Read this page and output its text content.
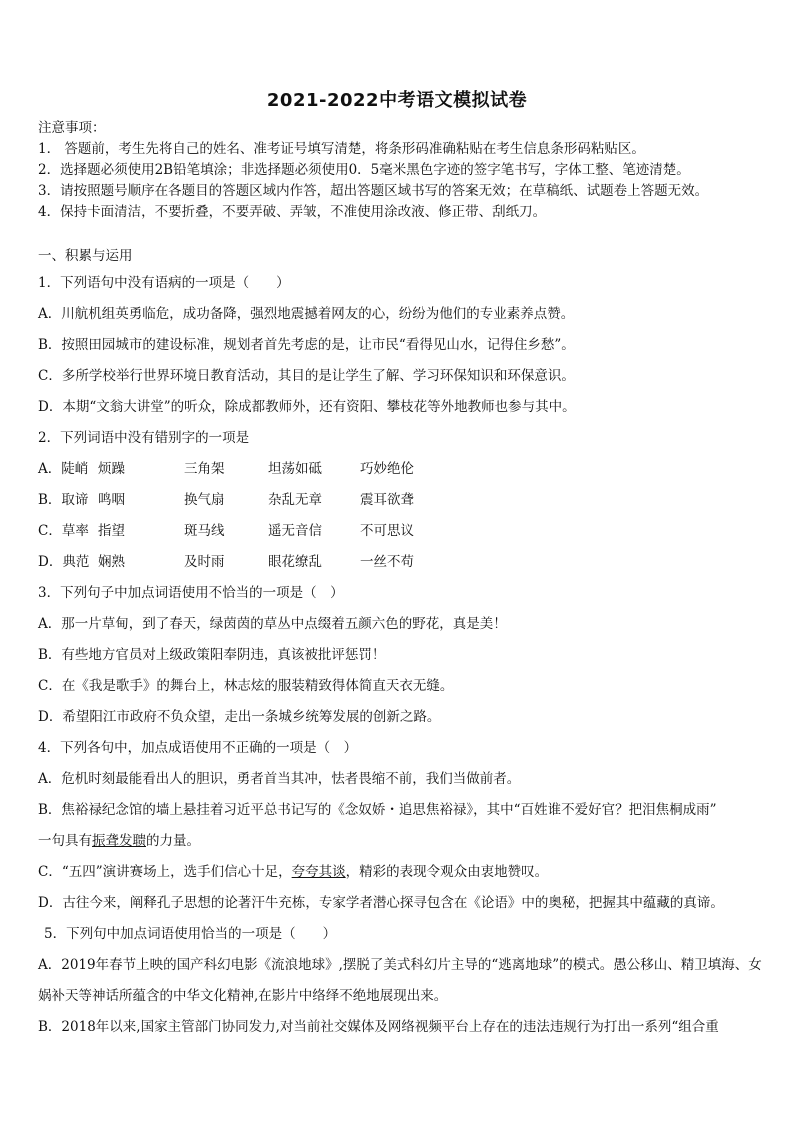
2021-2022中考语文模拟试卷
注意事项：
1． 答题前，考生先将自己的姓名、准考证号填写清楚，将条形码准确粘贴在考生信息条形码粘贴区。
2．选择题必须使用2B铅笔填涂；非选择题必须使用0．5毫米黑色字迹的签字笔书写，字体工整、笔迹清楚。
3．请按照题号顺序在各题目的答题区域内作答，超出答题区域书写的答案无效；在草稿纸、试题卷上答题无效。
4．保持卡面清洁，不要折叠，不要弄破、弄皱，不准使用涂改液、修正带、刮纸刀。
一、积累与运用
1．下列语句中没有语病的一项是（　　）
A．川航机组英勇临危，成功备降，强烈地震撼着网友的心，纷纷为他们的专业素养点赞。
B．按照田园城市的建设标准，规划者首先考虑的是，让市民“看得见山水，记得住乡愁”。
C．多所学校举行世界环境日教育活动，其目的是让学生了解、学习环保知识和环保意识。
D．本期“文翁大讲堂”的听众，除成都教师外，还有资阳、攀枝花等外地教师也参与其中。
2．下列词语中没有错别字的一项是
A．陡峭 烦躁	三角架	坦荡如砥	巧妙绝伦
B．取谛 鸣咽	换气扇	杂乱无章	震耳欲聋
C．草率 指望	斑马线	遥无音信	不可思议
D．典范 娴熟	及时雨	眼花缭乱	一丝不苟
3．下列句子中加点词语使用不恰当的一项是（　）
A．那一片草甸，到了春天，绿茵茵的草丛中点缀着五颜六色的野花，真是美！
B．有些地方官员对上级政策阳奉阴违，真该被批评惩罚！
C．在《我是歌手》的舞台上，林志炫的服装精致得体简直天衣无缝。
D．希望阳江市政府不负众望，走出一条城乡统筹发展的创新之路。
4．下列各句中，加点成语使用不正确的一项是（　）
A．危机时刻最能看出人的胆识，勇者首当其冲，怯者畏缩不前，我们当做前者。
B．焦裕禄纪念馆的墙上悬挂着习近平总书记写的《念奴娇・追思焦裕禄》，其中“百姓谁不爱好官？把泪焦桐成雨”
一句具有振聋发聩的力量。
C．“五四”演讲赛场上，选手们信心十足，夸夸其谈，精彩的表现令观众由衷地赞叹。
D．古往今来，阐释孔子思想的论著汗牛充栋，专家学者潜心探寻包含在《论语》中的奥秘，把握其中蕴藏的真谛。
5．下列句中加点词语使用恰当的一项是（　　）
A．2019年春节上映的国产科幻电影《流浪地球》,摆脱了美式科幻片主导的“逃离地球”的模式。愚公移山、精卫填海、女娲补天等神话所蕴含的中华文化精神,在影片中络绎不绝地展现出来。
B．2018年以来,国家主管部门协同发力,对当前社交媒体及网络视频平台上存在的违法违规行为打出一系列“组合重
